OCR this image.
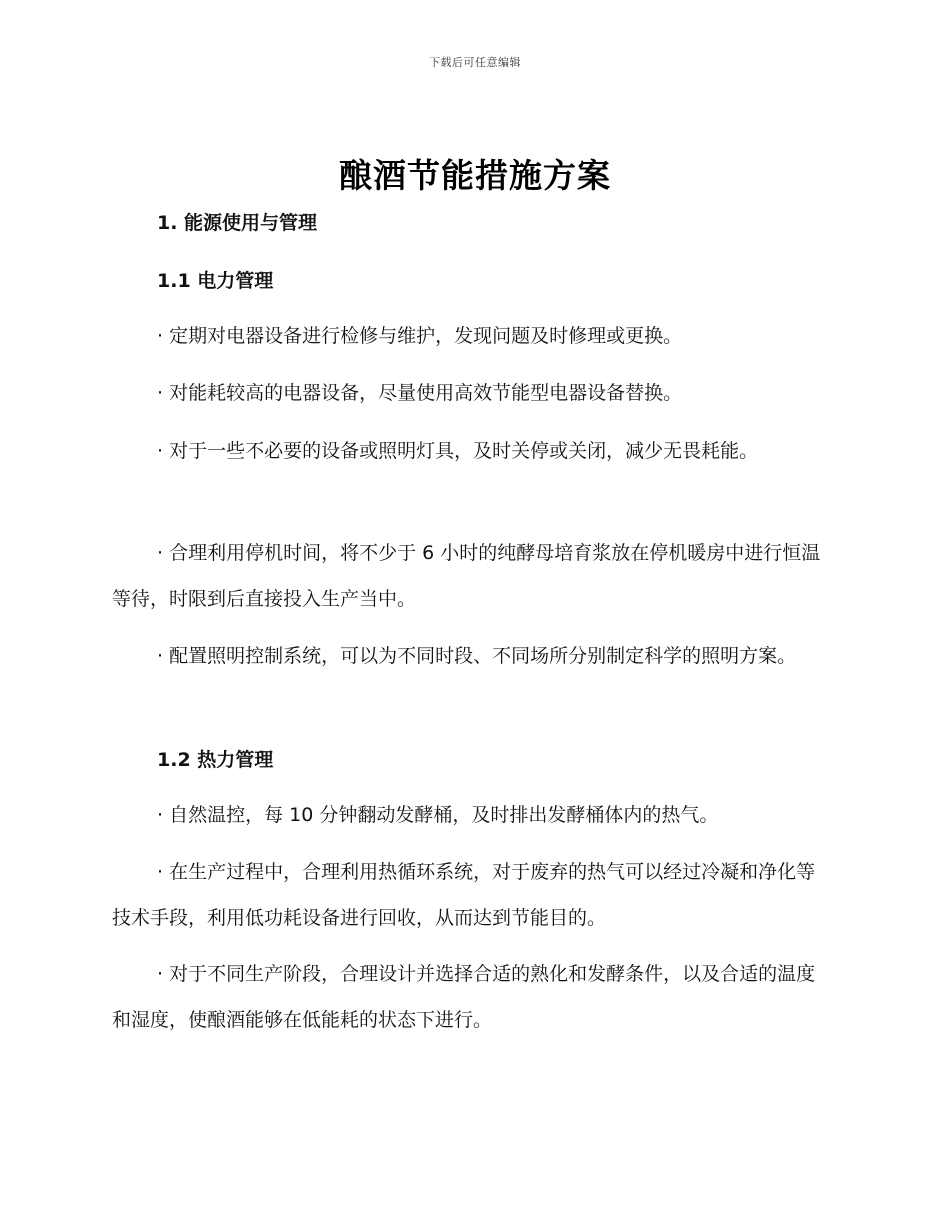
下载后可任意编辑
酿酒节能措施方案
1. 能源使用与管理
1.1 电力管理

· 定期对电器设备进行检修与维护，发现问题及时修理或更换。

· 对能耗较高的电器设备，尽量使用高效节能型电器设备替换。

· 对于一些不必要的设备或照明灯具，及时关停或关闭，减少无畏耗能。

· 合理利用停机时间，将不少于 6 小时的纯酵母培育浆放在停机暖房中进行恒温等待，时限到后直接投入生产当中。

· 配置照明控制系统，可以为不同时段、不同场所分别制定科学的照明方案。

1.2 热力管理

· 自然温控，每 10 分钟翻动发酵桶，及时排出发酵桶体内的热气。

· 在生产过程中，合理利用热循环系统，对于废弃的热气可以经过冷凝和净化等技术手段，利用低功耗设备进行回收，从而达到节能目的。

· 对于不同生产阶段，合理设计并选择合适的熟化和发酵条件，以及合适的温度和湿度，使酿酒能够在低能耗的状态下进行。
